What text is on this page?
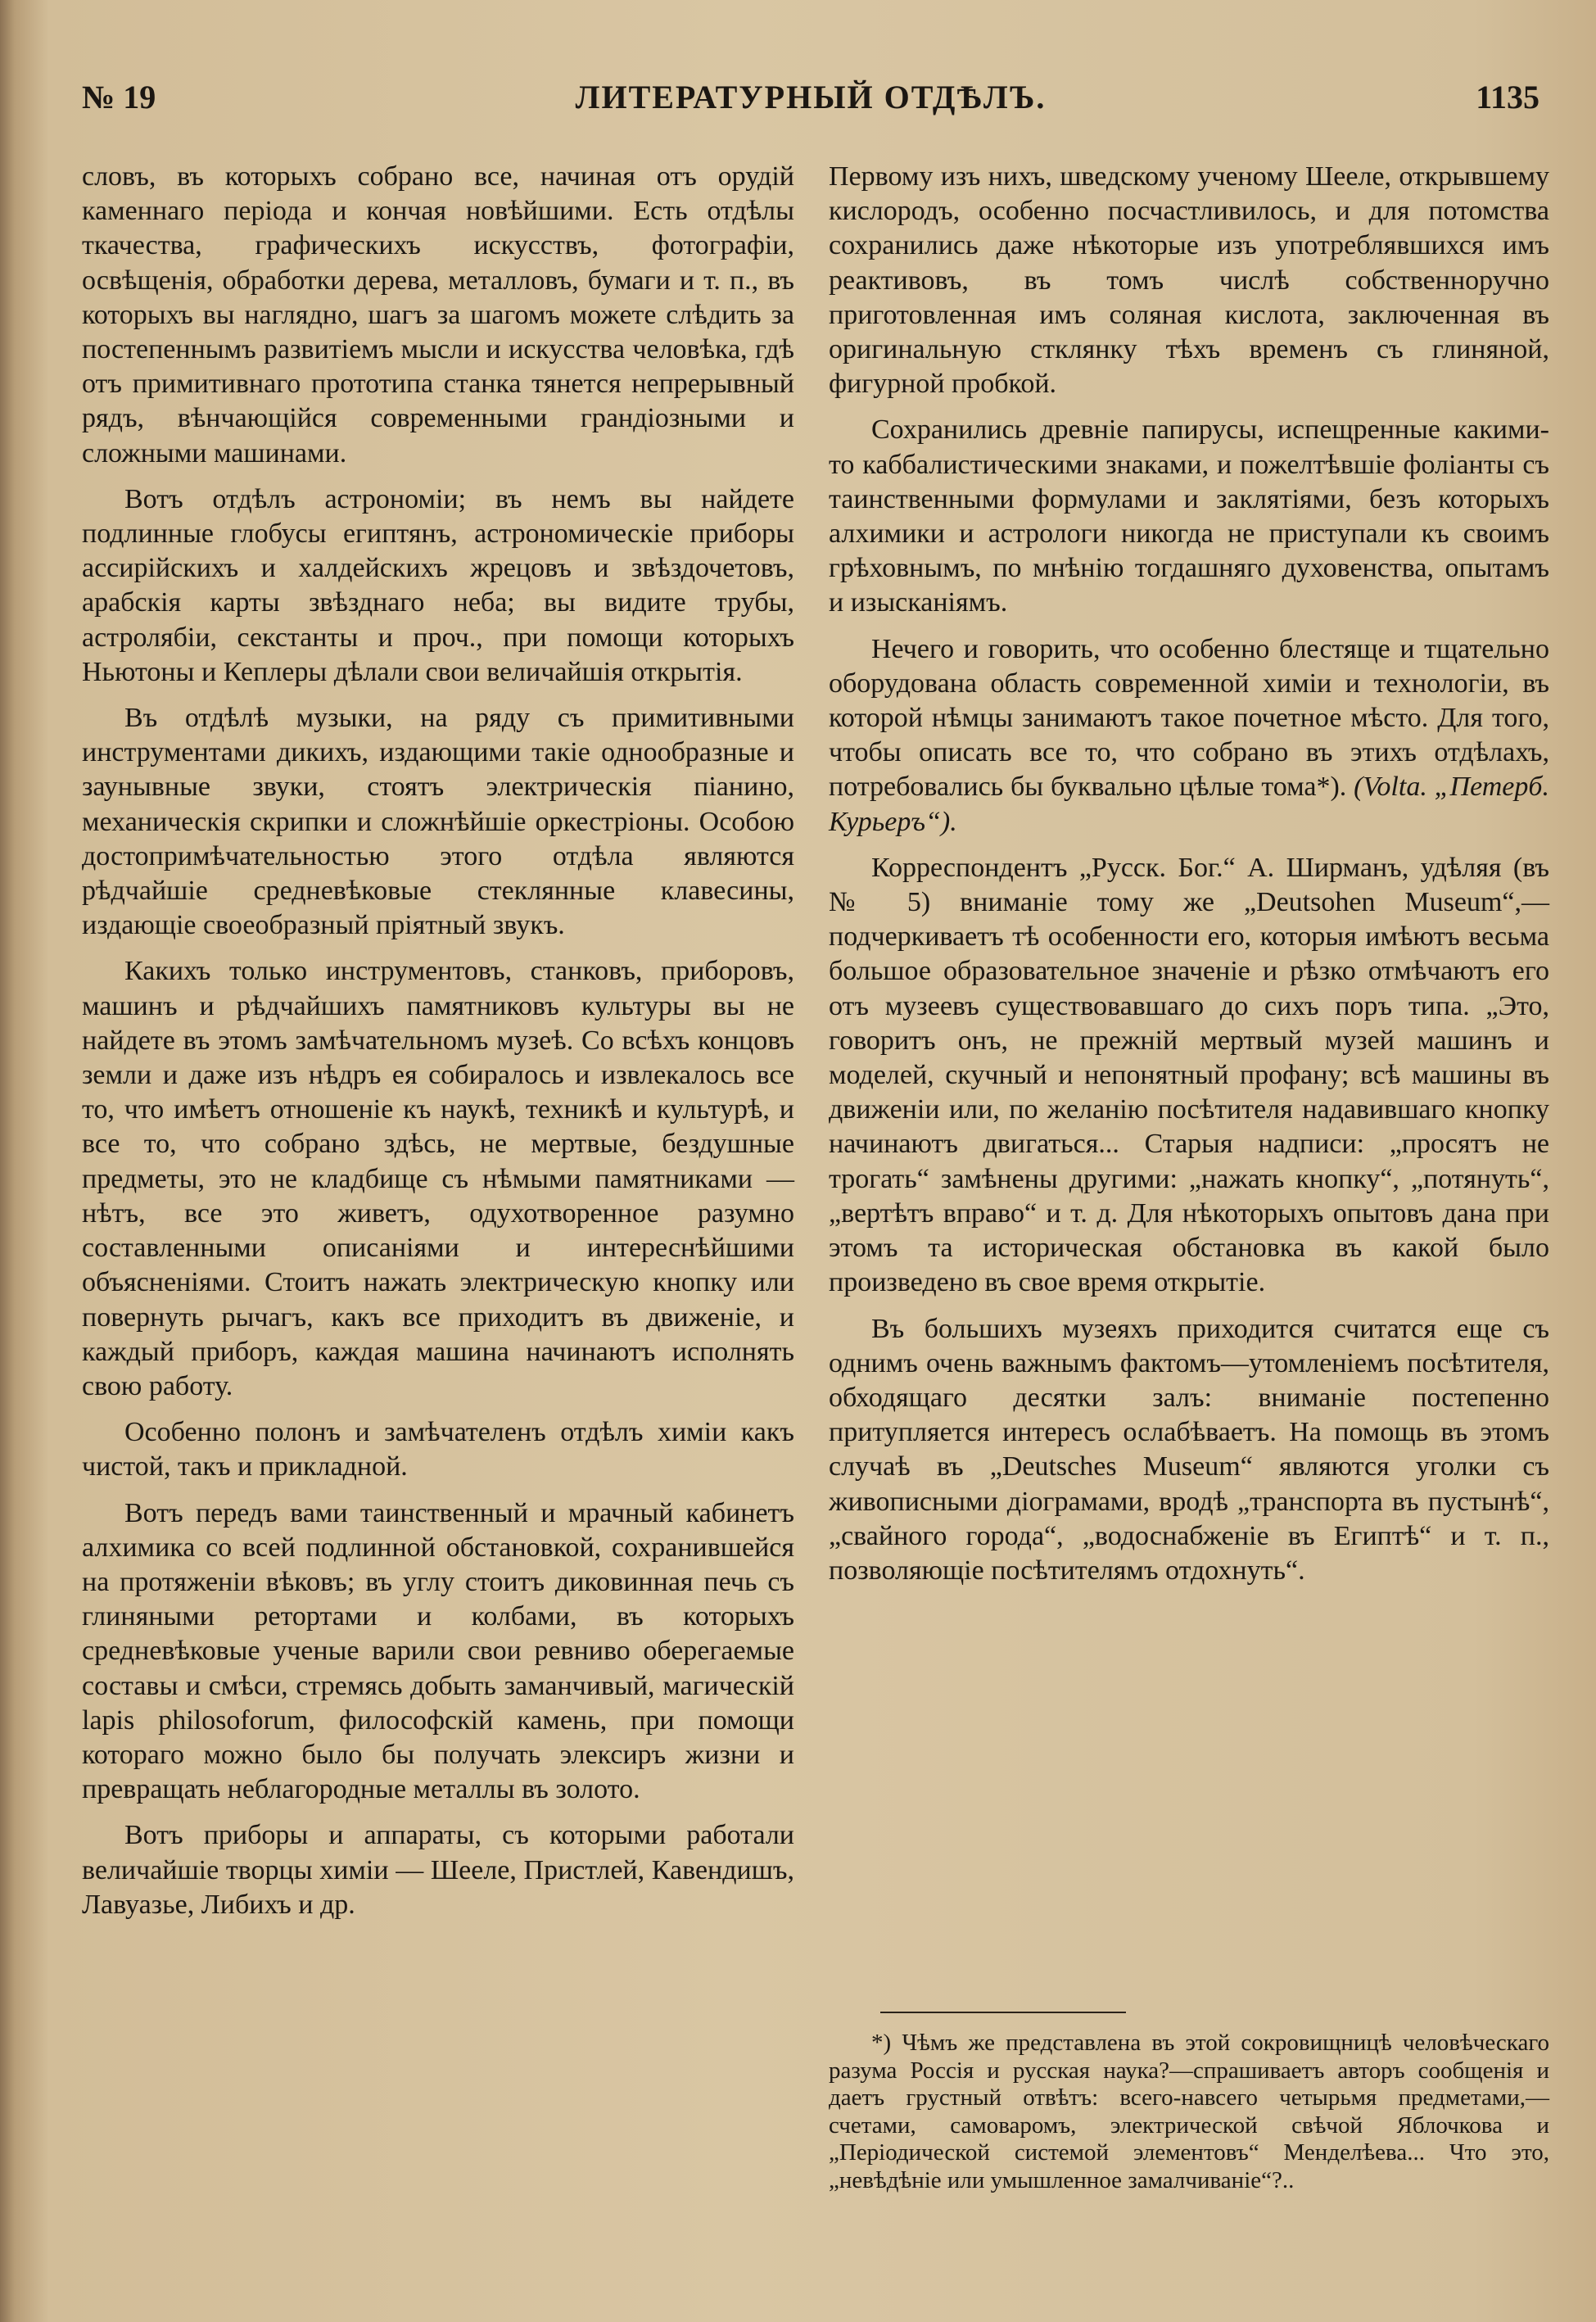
№ 19	ЛИТЕРАТУРНЫЙ ОТДѢЛЪ.	1135

словъ, въ которыхъ собрано все, начиная отъ орудій каменнаго періода и кончая новѣйшими. Есть отдѣлы ткачества, графическихъ искусствъ, фотографіи, освѣщенія, обработки дерева, металловъ, бумаги и т. п., въ которыхъ вы наглядно, шагъ за шагомъ можете слѣдить за постепеннымъ развитіемъ мысли и искусства человѣка, гдѣ отъ примитивнаго прототипа станка тянется непрерывный рядъ, вѣнчающійся современными грандіозными и сложными машинами.

Вотъ отдѣлъ астрономіи; въ немъ вы найдете подлинные глобусы египтянъ, астрономическіе приборы ассирійскихъ и халдейскихъ жрецовъ и звѣздочетовъ, арабскія карты звѣзднаго неба; вы видите трубы, астролябіи, секстанты и проч., при помощи которыхъ Ньютоны и Кеплеры дѣлали свои величайшія открытія.

Въ отдѣлѣ музыки, на ряду съ примитивными инструментами дикихъ, издающими такіе однообразные и заунывные звуки, стоятъ электрическія піанино, механическія скрипки и сложнѣйшіе оркестріоны. Особою достопримѣчательностью этого отдѣла являются рѣдчайшіе средневѣковые стеклянные клавесины, издающіе своеобразный пріятный звукъ.

Какихъ только инструментовъ, станковъ, приборовъ, машинъ и рѣдчайшихъ памятниковъ культуры вы не найдете въ этомъ замѣчательномъ музеѣ. Со всѣхъ концовъ земли и даже изъ нѣдръ ея собиралось и извлекалось все то, что имѣетъ отношеніе къ наукѣ, техникѣ и культурѣ, и все то, что собрано здѣсь, не мертвые, бездушные предметы, это не кладбище съ нѣмыми памятниками — нѣтъ, все это живетъ, одухотворенное разумно составленными описаніями и интереснѣйшими объясненіями. Стоитъ нажать электрическую кнопку или повернуть рычагъ, какъ все приходитъ въ движеніе, и каждый приборъ, каждая машина начинаютъ исполнять свою работу.

Особенно полонъ и замѣчателенъ отдѣлъ химіи какъ чистой, такъ и прикладной.

Вотъ передъ вами таинственный и мрачный кабинетъ алхимика со всей подлинной обстановкой, сохранившейся на протяженіи вѣковъ; въ углу стоитъ диковинная печь съ глиняными ретортами и колбами, въ которыхъ средневѣковые ученые варили свои ревниво оберегаемые составы и смѣси, стремясь добыть заманчивый, магическій lapis philosoforum, философскій камень, при помощи котораго можно было бы получать элексиръ жизни и превращать неблагородные металлы въ золото.

Вотъ приборы и аппараты, съ которыми работали величайшіе творцы химіи — Шееле, Пристлей, Кавендишъ, Лавуазье, Либихъ и др.

Первому изъ нихъ, шведскому ученому Шееле, открывшему кислородъ, особенно посчастливилось, и для потомства сохранились даже нѣкоторые изъ употреблявшихся имъ реактивовъ, въ томъ числѣ собственноручно приготовленная имъ соляная кислота, заключенная въ оригинальную стклянку тѣхъ временъ съ глиняной, фигурной пробкой.

Сохранились древніе папирусы, испещренные какими-то каббалистическими знаками, и пожелтѣвшіе фоліанты съ таинственными формулами и заклятіями, безъ которыхъ алхимики и астрологи никогда не приступали къ своимъ грѣховнымъ, по мнѣнію тогдашняго духовенства, опытамъ и изысканіямъ.

Нечего и говорить, что особенно блестяще и тщательно оборудована область современной химіи и технологіи, въ которой нѣмцы занимаютъ такое почетное мѣсто. Для того, чтобы описать все то, что собрано въ этихъ отдѣлахъ, потребовались бы буквально цѣлые тома*). (Volta. „Петерб. Курьеръ“).

Корреспондентъ „Русск. Бог.“ А. Ширманъ, удѣляя (въ № 5) вниманіе тому же „Deutsohen Museum“,—подчеркиваетъ тѣ особенности его, которыя имѣютъ весьма большое образовательное значеніе и рѣзко отмѣчаютъ его отъ музеевъ существовавшаго до сихъ поръ типа. „Это, говоритъ онъ, не прежній мертвый музей машинъ и моделей, скучный и непонятный профану; всѣ машины въ движеніи или, по желанію посѣтителя надавившаго кнопку начинаютъ двигаться... Старыя надписи: „просятъ не трогать“ замѣнены другими: „нажать кнопку“, „потянуть“, „вертѣтъ вправо“ и т. д. Для нѣкоторыхъ опытовъ дана при этомъ та историческая обстановка въ какой было произведено въ свое время открытіе.

Въ большихъ музеяхъ приходится считатся еще съ однимъ очень важнымъ фактомъ—утомленіемъ посѣтителя, обходящаго десятки залъ: вниманіе постепенно притупляется интересъ ослабѣваетъ. На помощь въ этомъ случаѣ въ „Deutsches Museum“ являются уголки съ живописными діограмами, вродѣ „транспорта въ пустынѣ“, „свайного города“, „водоснабженіе въ Египтѣ“ и т. п., позволяющіе посѣтителямъ отдохнуть“.

*) Чѣмъ же представлена въ этой сокровищницѣ человѣческаго разума Россія и русская наука?—спрашиваетъ авторъ сообщенія и даетъ грустный отвѣтъ: всего-навсего четырьмя предметами,—счетами, самоваромъ, электрической свѣчой Яблочкова и „Періодической системой элементовъ“ Менделѣева... Что это, „невѣдѣніе или умышленное замалчиваніе“?..
